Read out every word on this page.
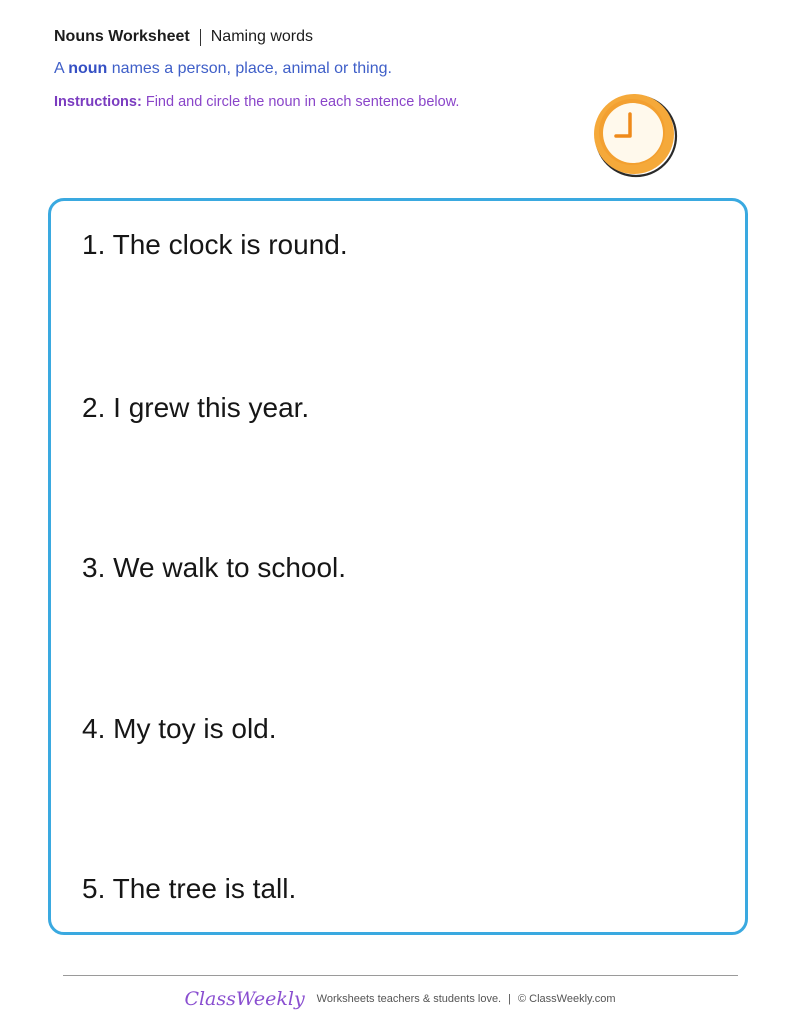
Nouns Worksheet Naming words
A noun names a person, place, animal or thing.
Instructions: Find and circle the noun in each sentence below.
1. The clock is round.
2. I grew this year.
3. We walk to school.
4. My toy is old.
5. The tree is tall.
ClassWeekly Worksheets teachers & students love. | © ClassWeekly.com
